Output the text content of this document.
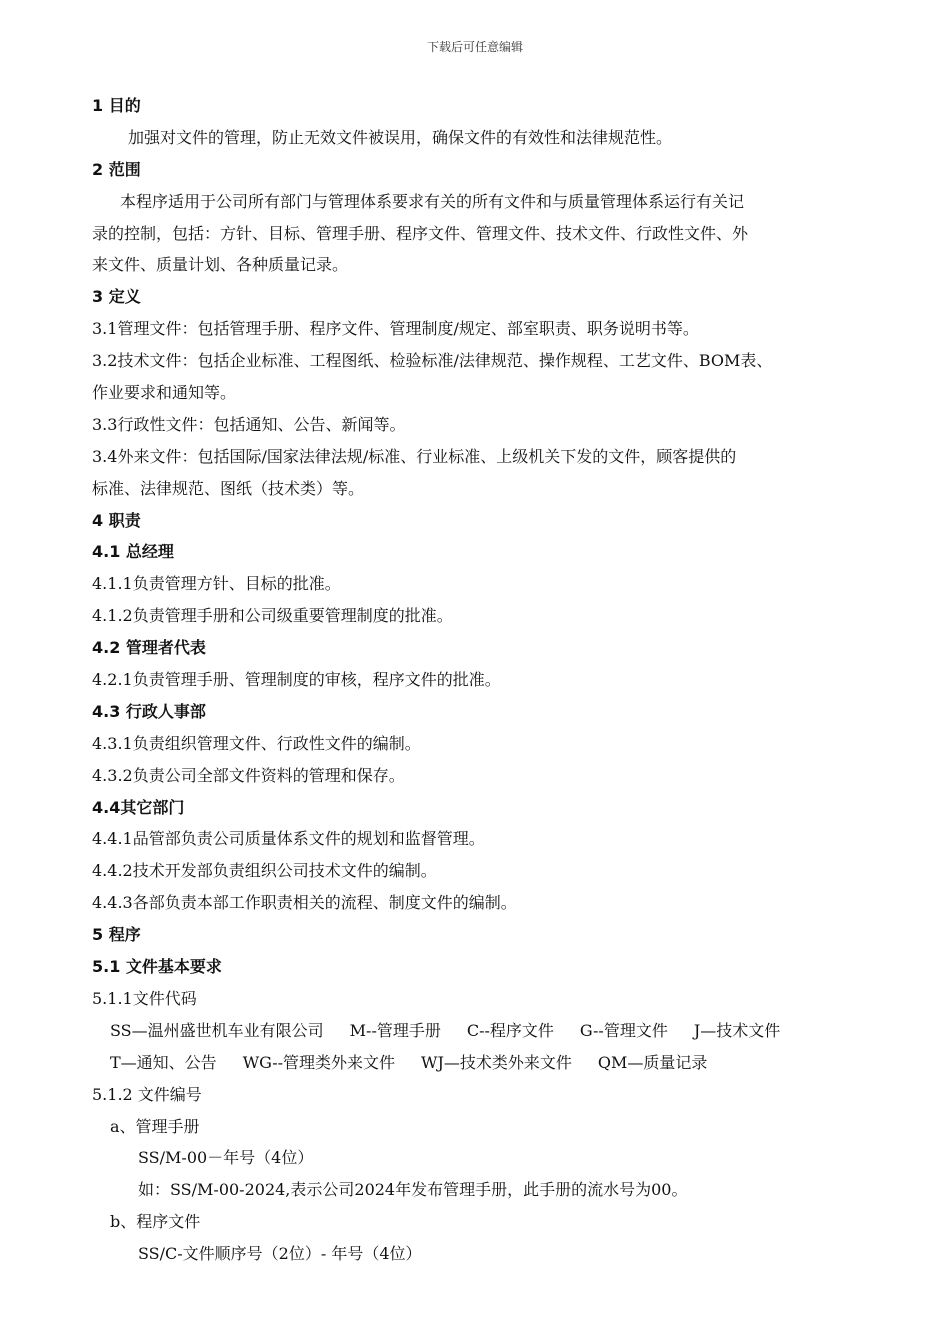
下载后可任意编辑
1 目的
加强对文件的管理，防止无效文件被误用，确保文件的有效性和法律规范性。
2 范围
本程序适用于公司所有部门与管理体系要求有关的所有文件和与质量管理体系运行有关记
录的控制，包括：方针、目标、管理手册、程序文件、管理文件、技术文件、行政性文件、外
来文件、质量计划、各种质量记录。
3 定义
3.1管理文件：包括管理手册、程序文件、管理制度/规定、部室职责、职务说明书等。
3.2技术文件：包括企业标准、工程图纸、检验标准/法律规范、操作规程、工艺文件、BOM表、
作业要求和通知等。
3.3行政性文件：包括通知、公告、新闻等。
3.4外来文件：包括国际/国家法律法规/标准、行业标准、上级机关下发的文件，顾客提供的
标准、法律规范、图纸（技术类）等。
4 职责
4.1 总经理
4.1.1负责管理方针、目标的批准。
4.1.2负责管理手册和公司级重要管理制度的批准。
4.2 管理者代表
4.2.1负责管理手册、管理制度的审核，程序文件的批准。
4.3 行政人事部
4.3.1负责组织管理文件、行政性文件的编制。
4.3.2负责公司全部文件资料的管理和保存。
4.4其它部门
4.4.1品管部负责公司质量体系文件的规划和监督管理。
4.4.2技术开发部负责组织公司技术文件的编制。
4.4.3各部负责本部工作职责相关的流程、制度文件的编制。
5 程序
5.1 文件基本要求
5.1.1文件代码
SS—温州盛世机车业有限公司 M--管理手册 C--程序文件 G--管理文件 J—技术文件
T—通知、公告 WG--管理类外来文件 WJ—技术类外来文件 QM—质量记录
5.1.2 文件编号
a、管理手册
SS/M-00－年号（4位）
如：SS/M-00-2024,表示公司2024年发布管理手册，此手册的流水号为00。
b、程序文件
SS/C-文件顺序号（2位）- 年号（4位）
